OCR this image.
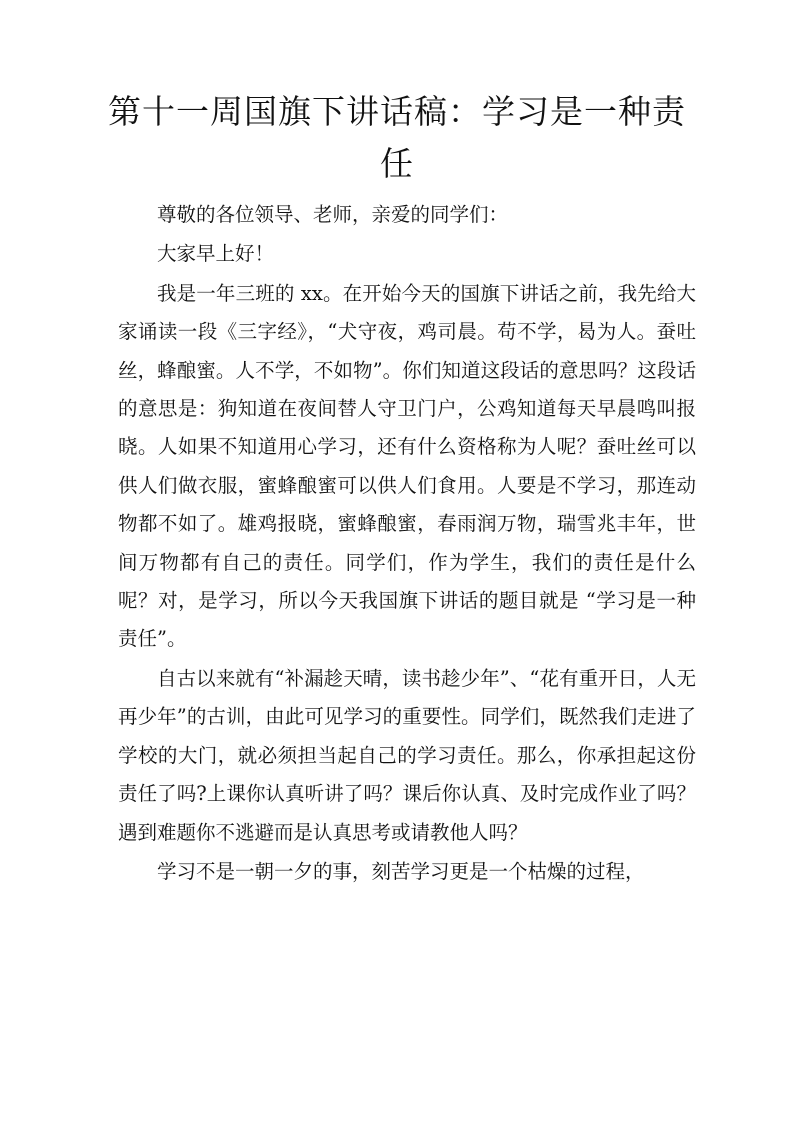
第十一周国旗下讲话稿：学习是一种责任

尊敬的各位领导、老师，亲爱的同学们：

大家早上好！

我是一年三班的 xx。在开始今天的国旗下讲话之前，我先给大家诵读一段《三字经》，“犬守夜，鸡司晨。苟不学，曷为人。蚕吐丝，蜂酿蜜。人不学，不如物”。你们知道这段话的意思吗？这段话的意思是：狗知道在夜间替人守卫门户，公鸡知道每天早晨鸣叫报晓。人如果不知道用心学习，还有什么资格称为人呢？蚕吐丝可以供人们做衣服，蜜蜂酿蜜可以供人们食用。人要是不学习，那连动物都不如了。雄鸡报晓，蜜蜂酿蜜，春雨润万物，瑞雪兆丰年，世间万物都有自己的责任。同学们，作为学生，我们的责任是什么呢？对，是学习，所以今天我国旗下讲话的题目就是 “学习是一种责任”。

自古以来就有“补漏趁天晴，读书趁少年”、“花有重开日，人无再少年”的古训，由此可见学习的重要性。同学们，既然我们走进了学校的大门，就必须担当起自己的学习责任。那么，你承担起这份责任了吗?上课你认真听讲了吗？课后你认真、及时完成作业了吗？遇到难题你不逃避而是认真思考或请教他人吗？

学习不是一朝一夕的事，刻苦学习更是一个枯燥的过程，
